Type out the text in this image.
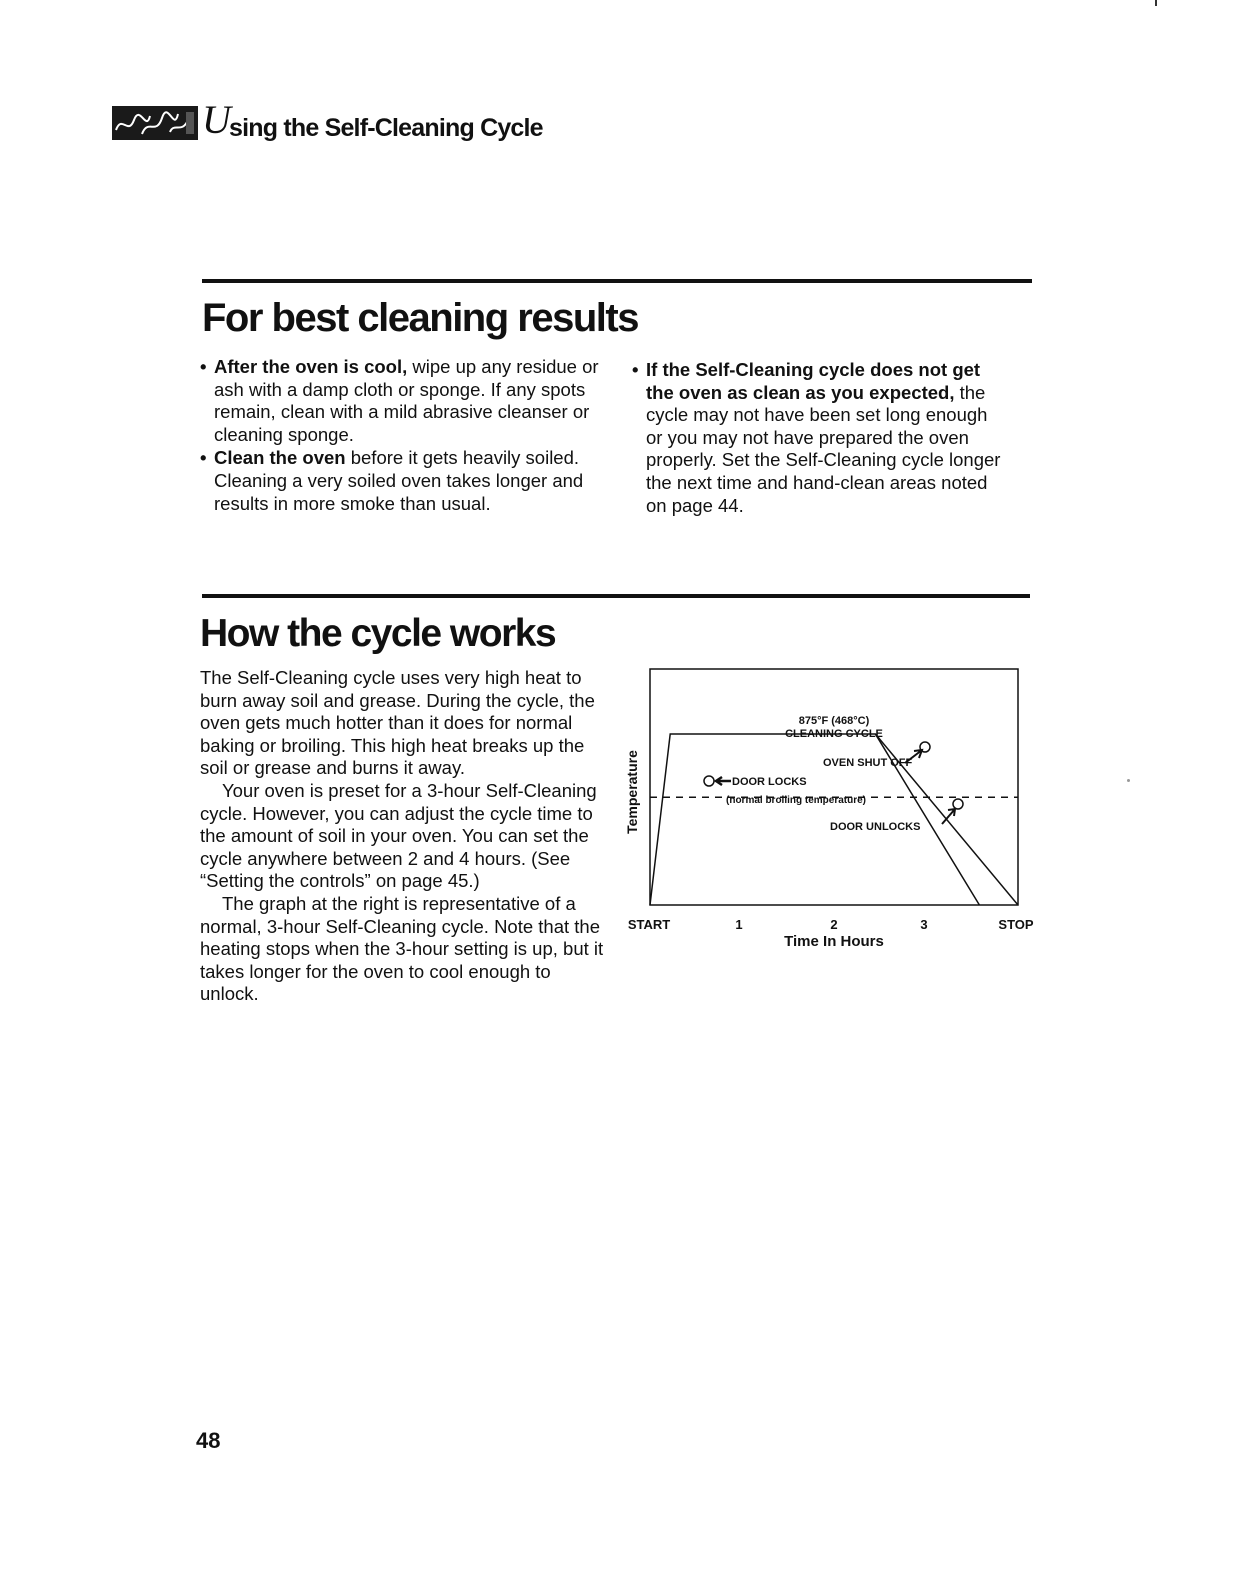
U
sing the Self-Cleaning Cycle
For best cleaning results
• After the oven is cool, wipe up any residue or ash with a damp cloth or sponge. If any spots remain, clean with a mild abrasive cleanser or cleaning sponge.
• Clean the oven before it gets heavily soiled. Cleaning a very soiled oven takes longer and results in more smoke than usual.
• If the Self-Cleaning cycle does not get the oven as clean as you expected, the cycle may not have been set long enough or you may not have prepared the oven properly. Set the Self-Cleaning cycle longer the next time and hand-clean areas noted on page 44.
How the cycle works

The Self-Cleaning cycle uses very high heat to burn away soil and grease. During the cycle, the oven gets much hotter than it does for normal baking or broiling. This high heat breaks up the soil or grease and burns it away.

Your oven is preset for a 3-hour Self-Cleaning cycle. However, you can adjust the cycle time to the amount of soil in your oven. You can set the cycle anywhere between 2 and 4 hours. (See “Setting the controls” on page 45.)

The graph at the right is representative of a normal, 3-hour Self-Cleaning cycle. Note that the heating stops when the 3-hour setting is up, but it takes longer for the oven to cool enough to unlock.

875°F (468°C)
CLEANING CYCLE
OVEN SHUT OFF
DOOR LOCKS
(normal broiling temperature)
DOOR UNLOCKS
Temperature
START	1	2	3	STOP
Time In Hours
48
